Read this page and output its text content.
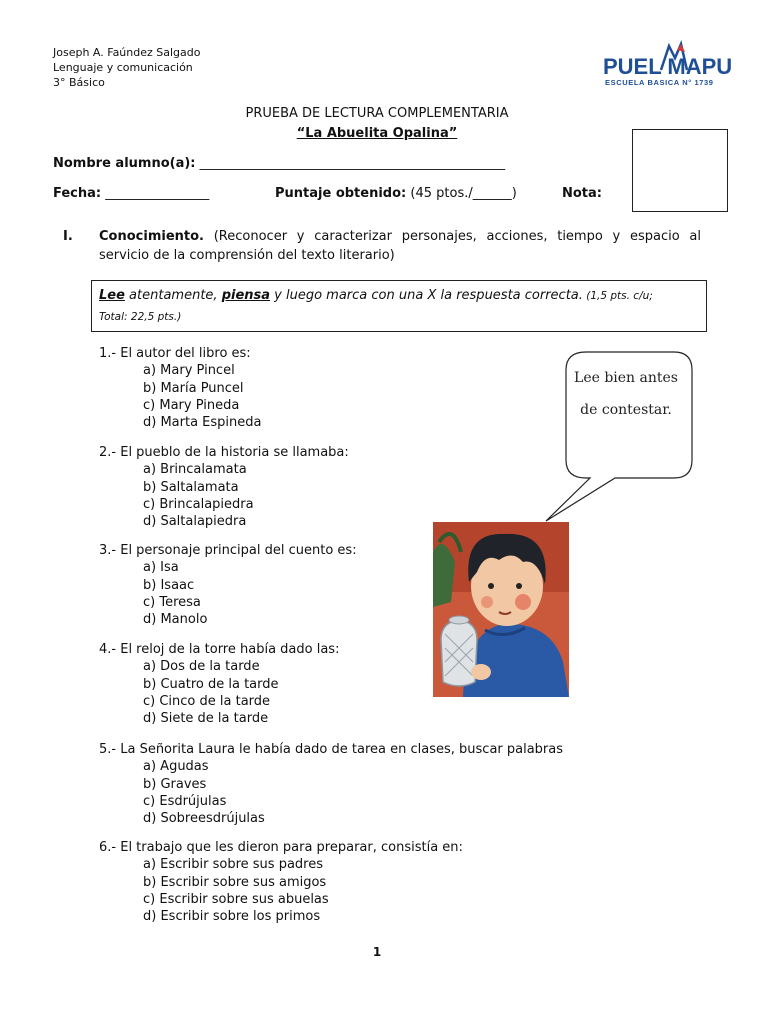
Joseph A. Faúndez Salgado
Lenguaje y comunicación
3° Básico
PUEL MAPU
ESCUELA BASICA N° 1739
PRUEBA DE LECTURA COMPLEMENTARIA
“La Abuelita Opalina”
Nombre alumno(a): _______________________________________________
Fecha: ________________	Puntaje obtenido: (45 ptos./______)	Nota:
I. Conocimiento. (Reconocer y caracterizar personajes, acciones, tiempo y espacio al servicio de la comprensión del texto literario)
Lee atentamente, piensa y luego marca con una X la respuesta correcta. (1,5 pts. c/u;
Total: 22,5 pts.)
1.- El autor del libro es:
a) Mary Pincel
b) María Puncel
c) Mary Pineda
d) Marta Espineda
2.- El pueblo de la historia se llamaba:
a) Brincalamata
b) Saltalamata
c) Brincalapiedra
d) Saltalapiedra
3.- El personaje principal del cuento es:
a) Isa
b) Isaac
c) Teresa
d) Manolo
4.- El reloj de la torre había dado las:
a) Dos de la tarde
b) Cuatro de la tarde
c) Cinco de la tarde
d) Siete de la tarde
5.- La Señorita Laura le había dado de tarea en clases, buscar palabras
a) Agudas
b) Graves
c) Esdrújulas
d) Sobreesdrújulas
6.- El trabajo que les dieron para preparar, consistía en:
a) Escribir sobre sus padres
b) Escribir sobre sus amigos
c) Escribir sobre sus abuelas
d) Escribir sobre los primos
Lee bien antes
de contestar.
1
